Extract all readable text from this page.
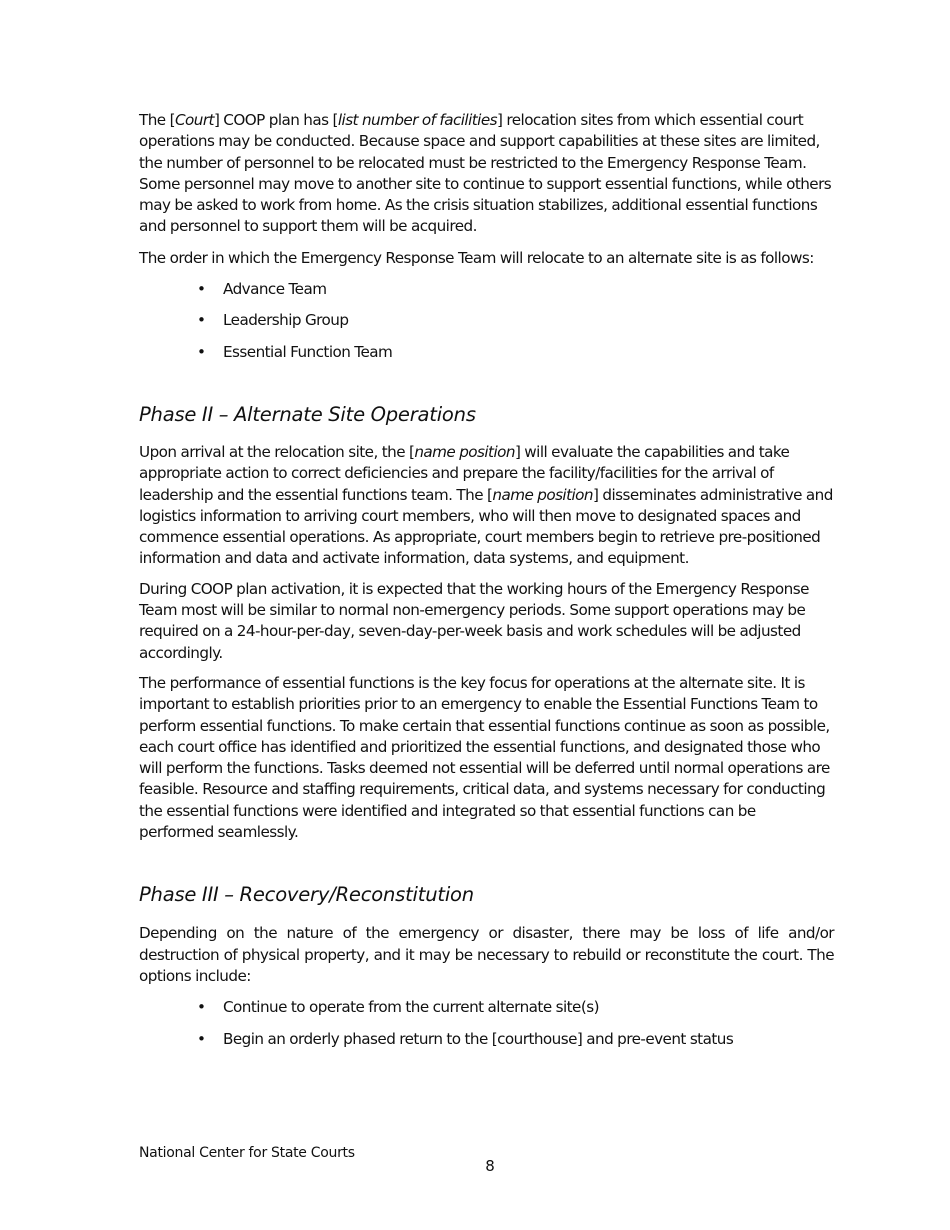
The [Court] COOP plan has [list number of facilities] relocation sites from which essential court operations may be conducted. Because space and support capabilities at these sites are limited, the number of personnel to be relocated must be restricted to the Emergency Response Team. Some personnel may move to another site to continue to support essential functions, while others may be asked to work from home. As the crisis situation stabilizes, additional essential functions and personnel to support them will be acquired.

The order in which the Emergency Response Team will relocate to an alternate site is as follows:

• Advance Team
• Leadership Group
• Essential Function Team
Phase II – Alternate Site Operations

Upon arrival at the relocation site, the [name position] will evaluate the capabilities and take appropriate action to correct deficiencies and prepare the facility/facilities for the arrival of leadership and the essential functions team. The [name position] disseminates administrative and logistics information to arriving court members, who will then move to designated spaces and commence essential operations. As appropriate, court members begin to retrieve pre-positioned information and data and activate information, data systems, and equipment.

During COOP plan activation, it is expected that the working hours of the Emergency Response Team most will be similar to normal non-emergency periods. Some support operations may be required on a 24-hour-per-day, seven-day-per-week basis and work schedules will be adjusted accordingly.

The performance of essential functions is the key focus for operations at the alternate site. It is important to establish priorities prior to an emergency to enable the Essential Functions Team to perform essential functions. To make certain that essential functions continue as soon as possible, each court office has identified and prioritized the essential functions, and designated those who will perform the functions. Tasks deemed not essential will be deferred until normal operations are feasible. Resource and staffing requirements, critical data, and systems necessary for conducting the essential functions were identified and integrated so that essential functions can be performed seamlessly.

Phase III – Recovery/Reconstitution

Depending on the nature of the emergency or disaster, there may be loss of life and/or destruction of physical property, and it may be necessary to rebuild or reconstitute the court. The options include:

• Continue to operate from the current alternate site(s)
• Begin an orderly phased return to the [courthouse] and pre-event status
National Center for State Courts
8
